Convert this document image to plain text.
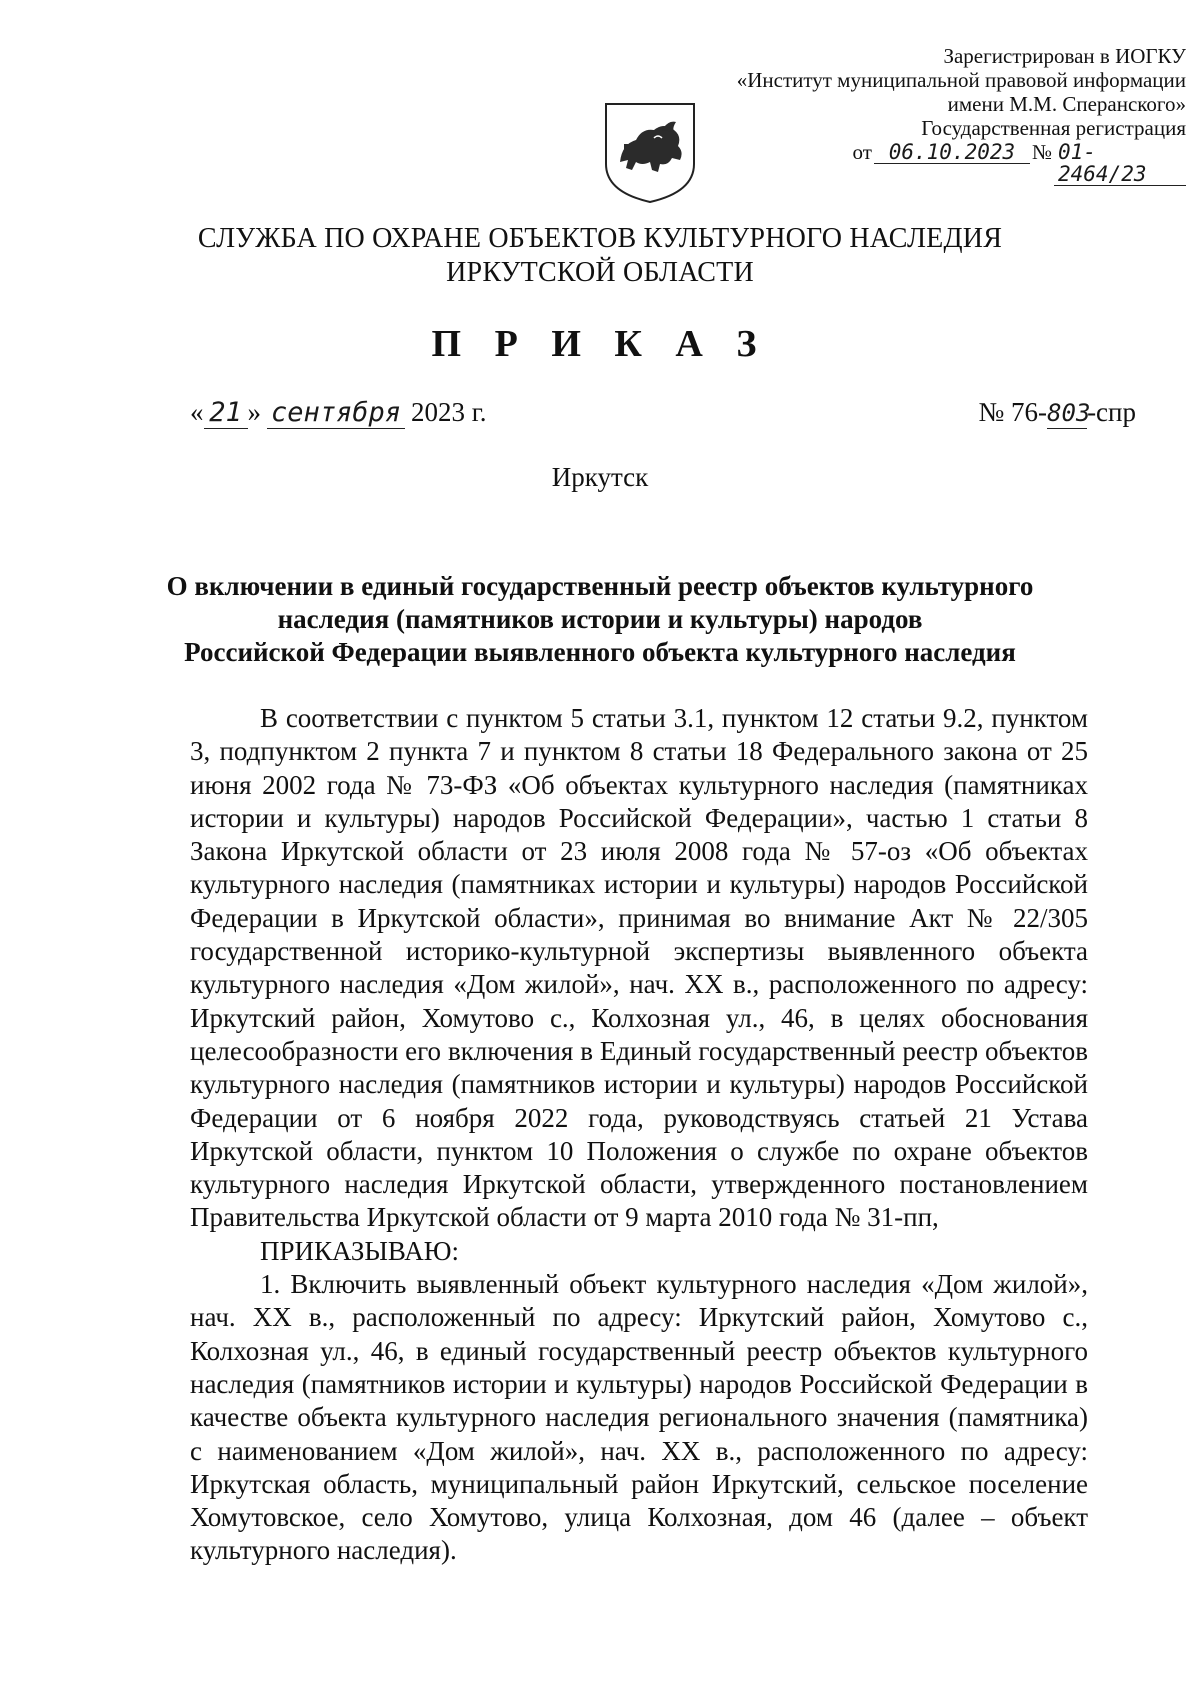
Зарегистрирован в ИОГКУ
«Институт муниципальной правовой информации
имени М.М. Сперанского»
Государственная регистрация
от 06.10.2023 № 01-2464/23
СЛУЖБА ПО ОХРАНЕ ОБЪЕКТОВ КУЛЬТУРНОГО НАСЛЕДИЯ
ИРКУТСКОЙ ОБЛАСТИ
П Р И К А З
« 21 » сентября 2023 г.	№ 76- 803
-спр
Иркутск
О включении в единый государственный реестр объектов культурного
наследия (памятников истории и культуры) народов
Российской Федерации выявленного объекта культурного наследия

В соответствии с пунктом 5 статьи 3.1, пунктом 12 статьи 9.2, пунктом 3, подпунктом 2 пункта 7 и пунктом 8 статьи 18 Федерального закона от 25 июня 2002 года № 73-ФЗ «Об объектах культурного наследия (памятниках истории и культуры) народов Российской Федерации», частью 1 статьи 8 Закона Иркутской области от 23 июля 2008 года № 57-оз «Об объектах культурного наследия (памятниках истории и культуры) народов Российской Федерации в Иркутской области», принимая во внимание Акт № 22/305 государственной историко-культурной экспертизы выявленного объекта культурного наследия «Дом жилой», нач. XX в., расположенного по адресу: Иркутский район, Хомутово с., Колхозная ул., 46, в целях обоснования целесообразности его включения в Единый государственный реестр объектов культурного наследия (памятников истории и культуры) народов Российской Федерации от 6 ноября 2022 года, руководствуясь статьей 21 Устава Иркутской области, пунктом 10 Положения о службе по охране объектов культурного наследия Иркутской области, утвержденного постановлением Правительства Иркутской области от 9 марта 2010 года № 31-пп,

ПРИКАЗЫВАЮ:

1. Включить выявленный объект культурного наследия «Дом жилой», нач. XX в., расположенный по адресу: Иркутский район, Хомутово с., Колхозная ул., 46, в единый государственный реестр объектов культурного наследия (памятников истории и культуры) народов Российской Федерации в качестве объекта культурного наследия регионального значения (памятника) с наименованием «Дом жилой», нач. XX в., расположенного по адресу: Иркутская область, муниципальный район Иркутский, сельское поселение Хомутовское, село Хомутово, улица Колхозная, дом 46 (далее – объект культурного наследия).
